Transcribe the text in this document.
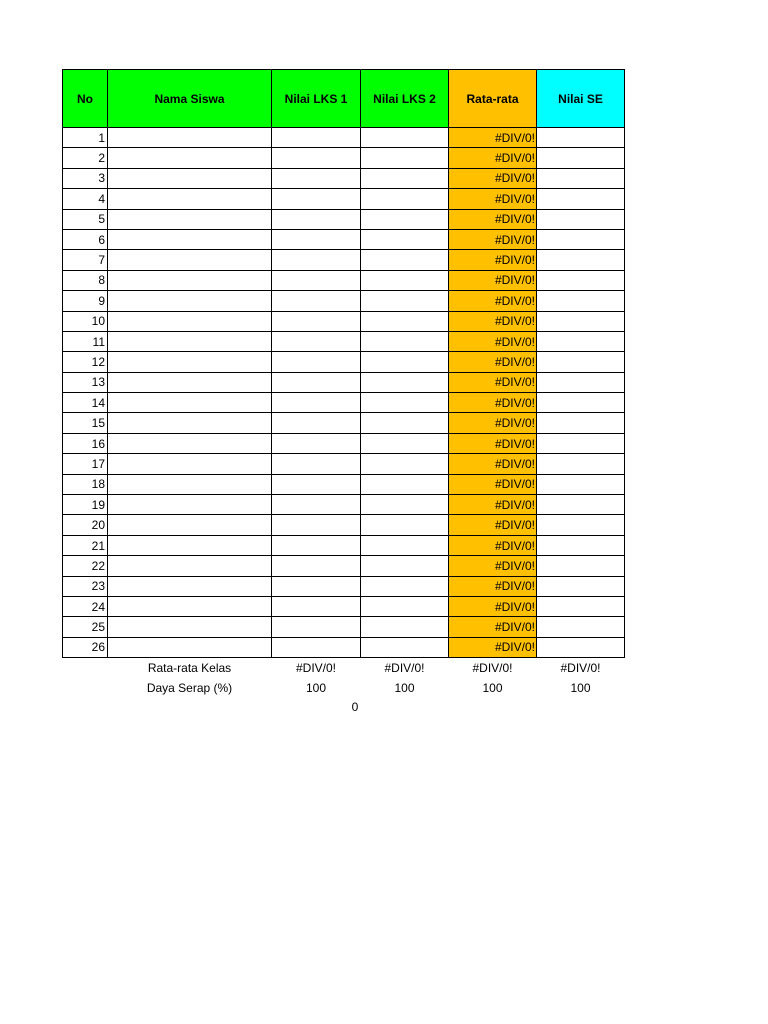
No	Nama Siswa	Nilai LKS 1	Nilai LKS 2	Rata-rata	Nilai SE
1				#DIV/0!	
2				#DIV/0!	
3				#DIV/0!	
4				#DIV/0!	
5				#DIV/0!	
6				#DIV/0!	
7				#DIV/0!	
8				#DIV/0!	
9				#DIV/0!	
10				#DIV/0!	
11				#DIV/0!	
12				#DIV/0!	
13				#DIV/0!	
14				#DIV/0!	
15				#DIV/0!	
16				#DIV/0!	
17				#DIV/0!	
18				#DIV/0!	
19				#DIV/0!	
20				#DIV/0!	
21				#DIV/0!	
22				#DIV/0!	
23				#DIV/0!	
24				#DIV/0!	
25				#DIV/0!	
26				#DIV/0!	
	Rata-rata Kelas	#DIV/0!	#DIV/0!	#DIV/0!	#DIV/0!
	Daya Serap (%)	100	100	100	100
0
